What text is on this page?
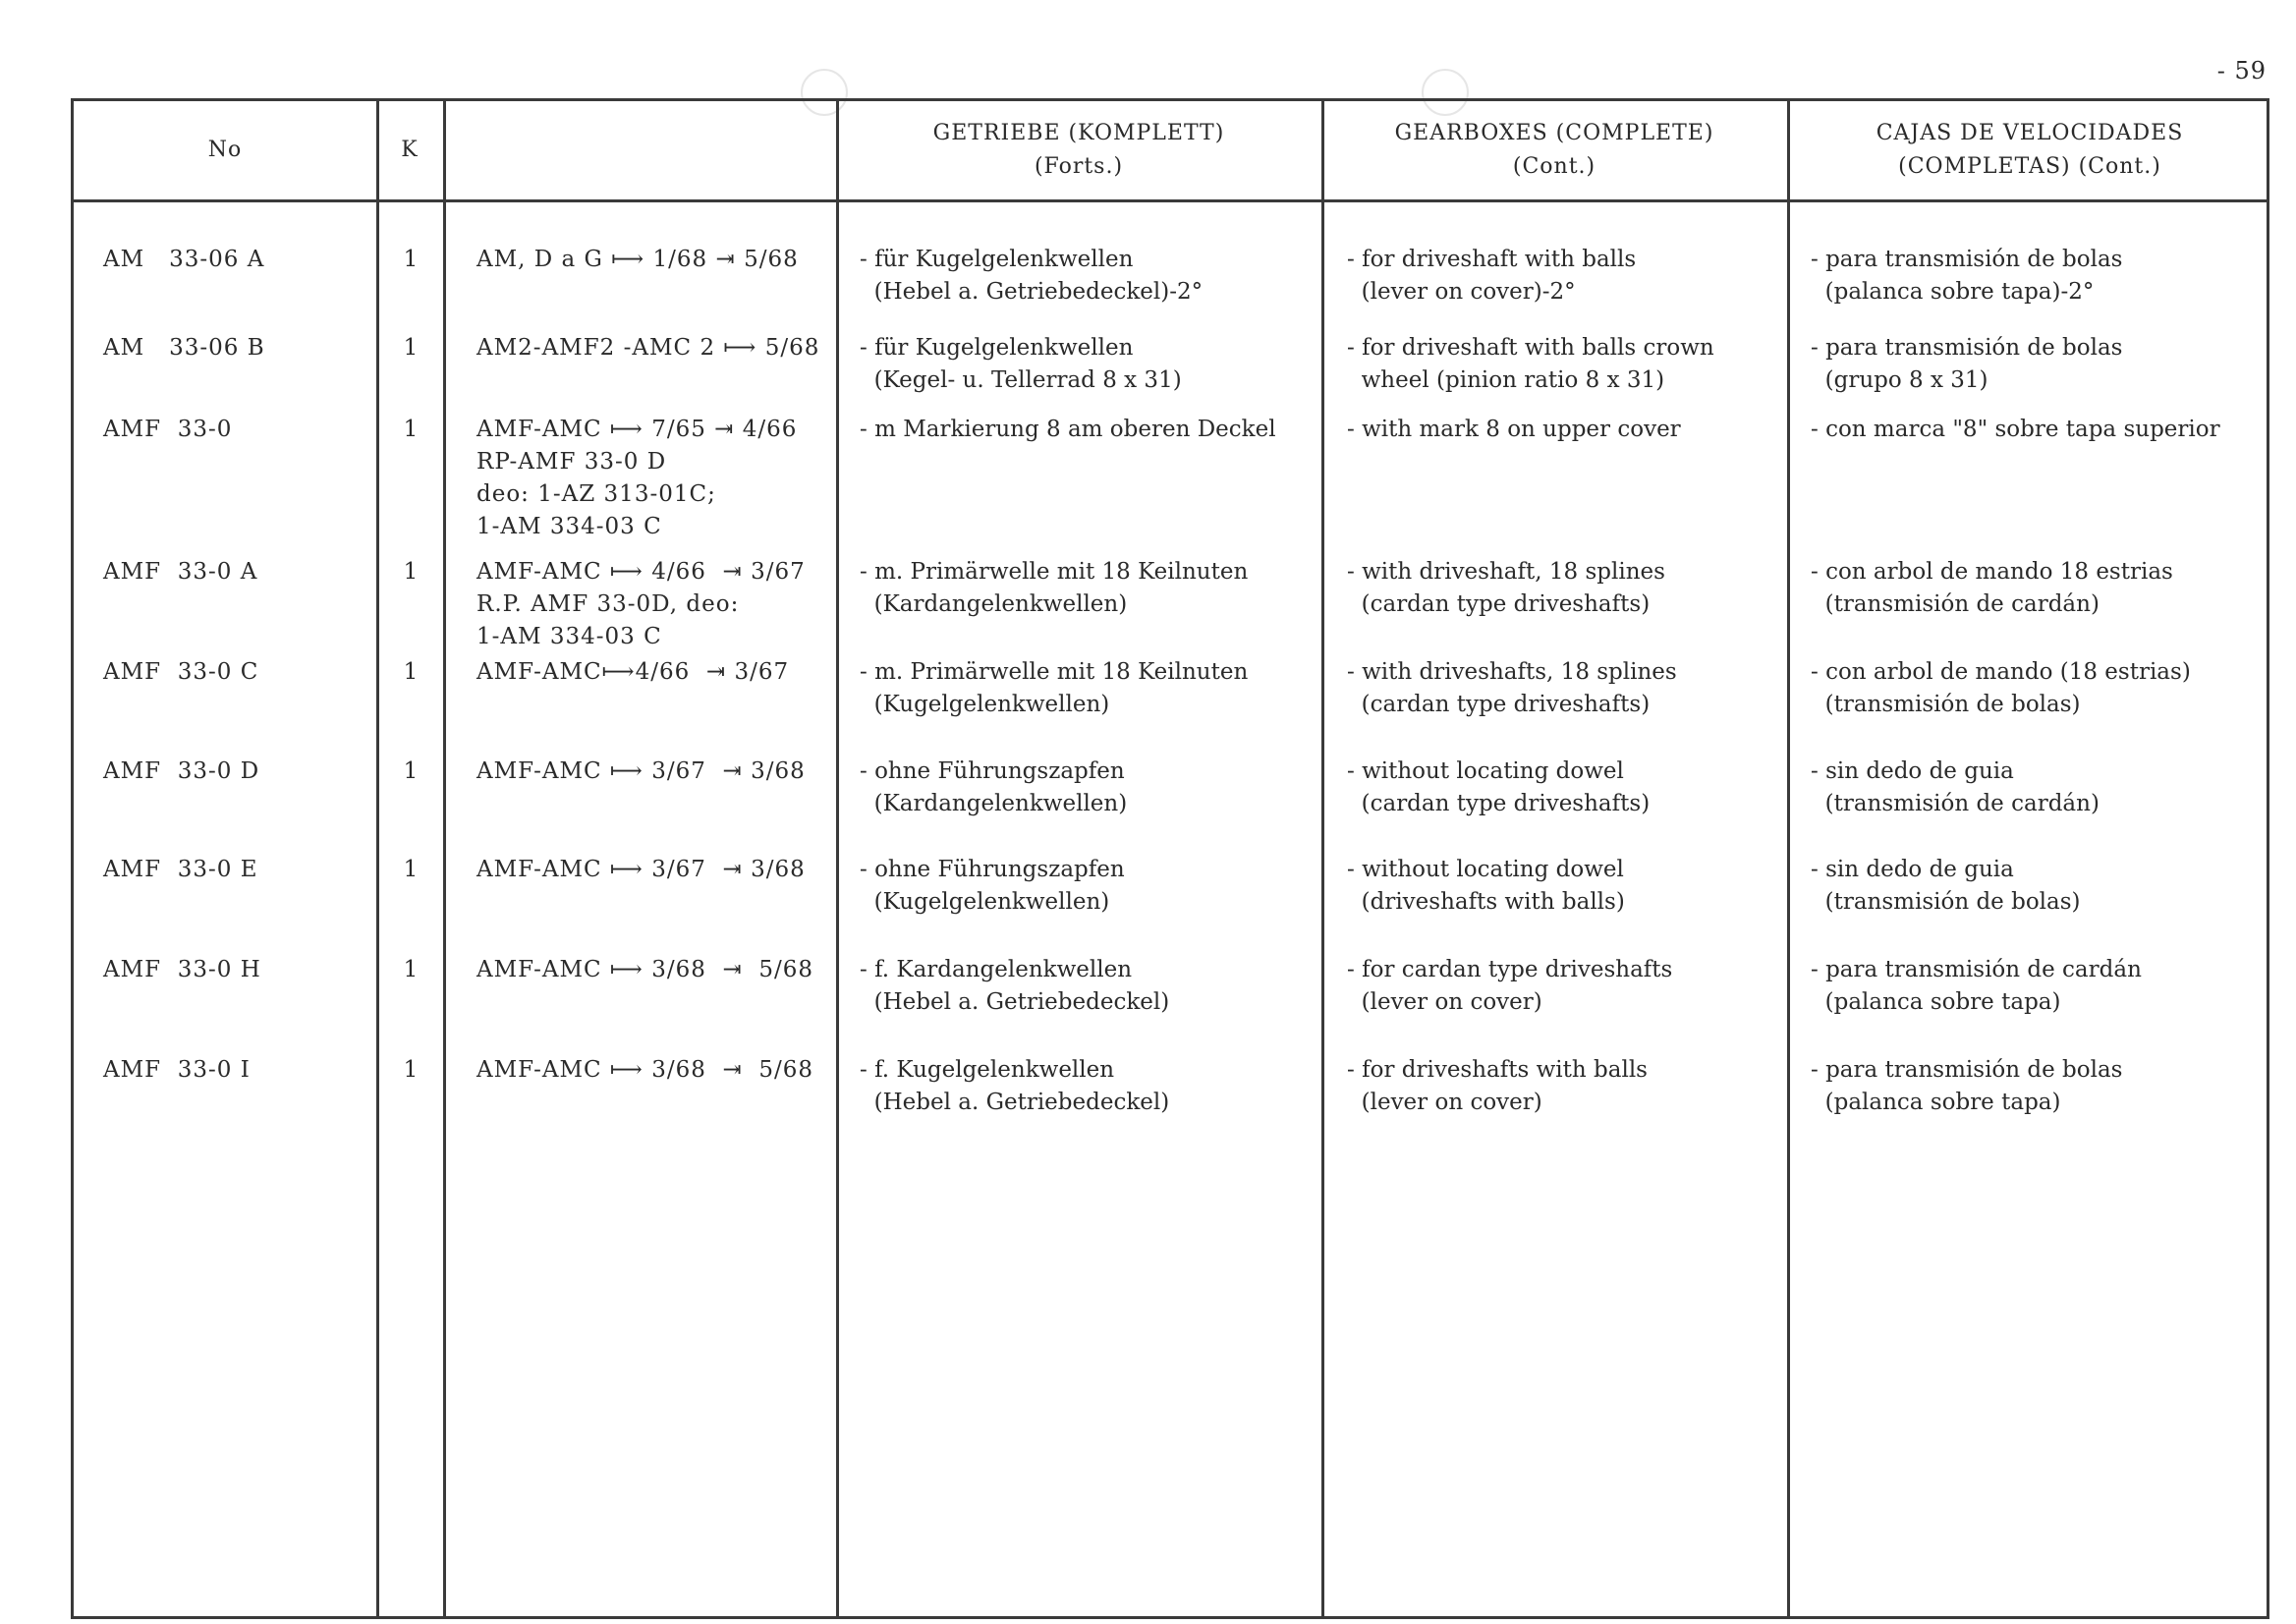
- 59
No	K
GETRIEBE (KOMPLETT)
(Forts.)
GEARBOXES (COMPLETE)
(Cont.)
CAJAS DE VELOCIDADES
(COMPLETAS) (Cont.)
AM   33-06 A	1	AM, D a G ⟼ 1/68 ⇥ 5/68	- für Kugelgelenkwellen
(Hebel a. Getriebedeckel)-2°
- for driveshaft with balls
(lever on cover)-2°
- para transmisión de bolas
(palanca sobre tapa)-2°
AM   33-06 B	1	AM2-AMF2 -AMC 2 ⟼ 5/68 - für Kugelgelenkwellen
(Kegel- u. Tellerrad 8 x 31)
- for driveshaft with balls crown
wheel (pinion ratio 8 x 31)
- para transmisión de bolas
(grupo 8 x 31)
AMF  33-0	1	AMF-AMC ⟼ 7/65 ⇥ 4/66
RP-AMF 33-0 D
deo: 1-AZ 313-01C;
1-AM 334-03 C
- m Markierung 8 am oberen Deckel	- with mark 8 on upper cover	- con marca "8" sobre tapa superior
AMF  33-0 A	1	AMF-AMC ⟼ 4/66  ⇥ 3/67
R.P. AMF 33-0D, deo:
1-AM 334-03 C
- m. Primärwelle mit 18 Keilnuten
(Kardangelenkwellen)
- with driveshaft, 18 splines
(cardan type driveshafts)
- con arbol de mando 18 estrias
(transmisión de cardán)
AMF  33-0 C	1	AMF-AMC⟼4/66  ⇥ 3/67	- m. Primärwelle mit 18 Keilnuten
(Kugelgelenkwellen)
- with driveshafts, 18 splines
(cardan type driveshafts)
- con arbol de mando (18 estrias)
(transmisión de bolas)
AMF  33-0 D	1	AMF-AMC ⟼ 3/67  ⇥ 3/68 - ohne Führungszapfen
(Kardangelenkwellen)
- without locating dowel
(cardan type driveshafts)
- sin dedo de guia
(transmisión de cardán)
AMF  33-0 E	1	AMF-AMC ⟼ 3/67  ⇥ 3/68 - ohne Führungszapfen
(Kugelgelenkwellen)
- without locating dowel
(driveshafts with balls)
- sin dedo de guia
(transmisión de bolas)
AMF  33-0 H	1	AMF-AMC ⟼ 3/68  ⇥  5/68 - f. Kardangelenkwellen
(Hebel a. Getriebedeckel)
- for cardan type driveshafts
(lever on cover)
- para transmisión de cardán
(palanca sobre tapa)
AMF  33-0 I	1	AMF-AMC ⟼ 3/68  ⇥  5/68 - f. Kugelgelenkwellen
(Hebel a. Getriebedeckel)
- for driveshafts with balls
(lever on cover)
- para transmisión de bolas
(palanca sobre tapa)
